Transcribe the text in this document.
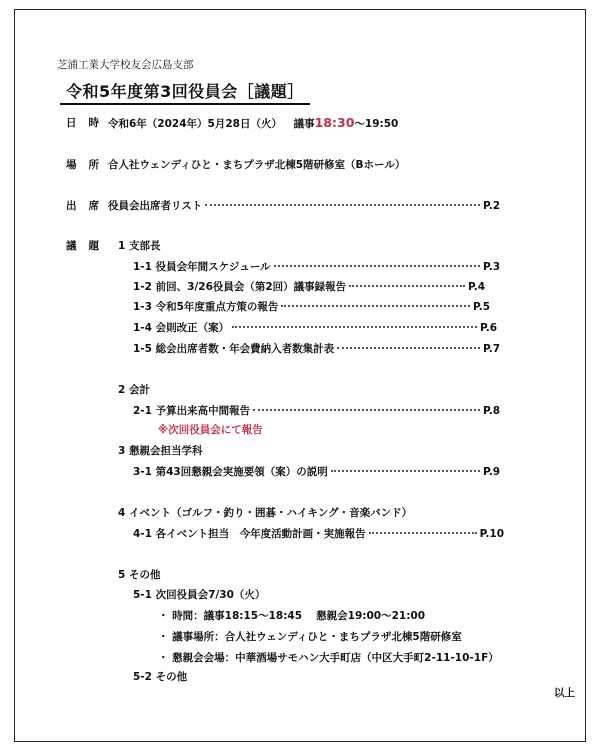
芝浦工業大学校友会広島支部
令和5年度第3回役員会［議題］
日 時 令和6年（2024年）5月28日（火） 議事18:30～19:50
場 所 合人社ウェンディひと・まちプラザ北棟5階研修室（Bホール）
出 席 役員会出席者リスト	P.2
議 題 1 支部長
1-1 役員会年間スケジュール	P.3
1-2 前回、3/26役員会（第2回）議事録報告	P.4
1-3 令和5年度重点方策の報告	P.5
1-4 会則改正（案）	P.6
1-5 総会出席者数・年会費納入者数集計表	P.7
2 会計
2-1 予算出来高中間報告	P.8
※次回役員会にて報告
3 懇親会担当学科
3-1 第43回懇親会実施要領（案）の説明	P.9
4 イベント（ゴルフ・釣り・囲碁・ハイキング・音楽バンド）
4-1 各イベント担当　今年度活動計画・実施報告	P.10
5 その他
5-1 次回役員会7/30（火）
・ 時間：議事18:15～18:45　 懇親会19:00～21:00
・ 議事場所：合人社ウェンディひと・まちプラザ北棟5階研修室
・ 懇親会会場：中華酒場サモハン大手町店（中区大手町2-11-10-1F）
5-2 その他
以上
